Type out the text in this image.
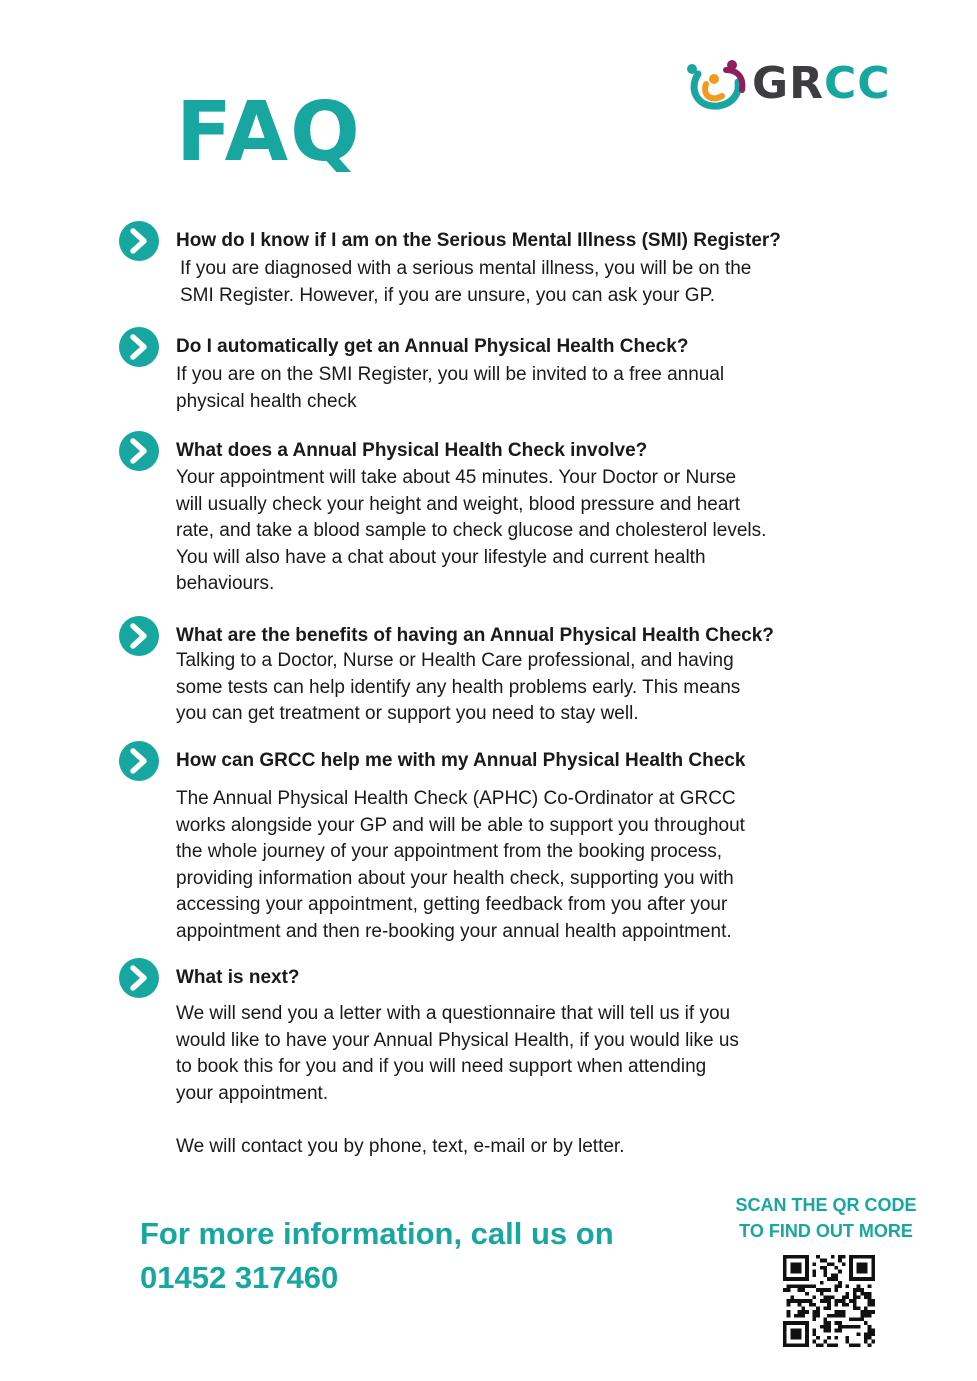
GRCC
FAQ
How do I know if I am on the Serious Mental Illness (SMI) Register?

If you are diagnosed with a serious mental illness, you will be on the
SMI Register. However, if you are unsure, you can ask your GP.

Do I automatically get an Annual Physical Health Check?

If you are on the SMI Register, you will be invited to a free annual
physical health check

What does a Annual Physical Health Check involve?

Your appointment will take about 45 minutes. Your Doctor or Nurse
will usually check your height and weight, blood pressure and heart
rate, and take a blood sample to check glucose and cholesterol levels.
You will also have a chat about your lifestyle and current health
behaviours.

What are the benefits of having an Annual Physical Health Check?

Talking to a Doctor, Nurse or Health Care professional, and having
some tests can help identify any health problems early. This means
you can get treatment or support you need to stay well.

How can GRCC help me with my Annual Physical Health Check

The Annual Physical Health Check (APHC) Co-Ordinator at GRCC
works alongside your GP and will be able to support you throughout
the whole journey of your appointment from the booking process,
providing information about your health check, supporting you with
accessing your appointment, getting feedback from you after your
appointment and then re-booking your annual health appointment.

What is next?

We will send you a letter with a questionnaire that will tell us if you
would like to have your Annual Physical Health, if you would like us
to book this for you and if you will need support when attending
your appointment.
We will contact you by phone, text, e-mail or by letter.

For more information, call us on
01452 317460

SCAN THE QR CODE
TO FIND OUT MORE
